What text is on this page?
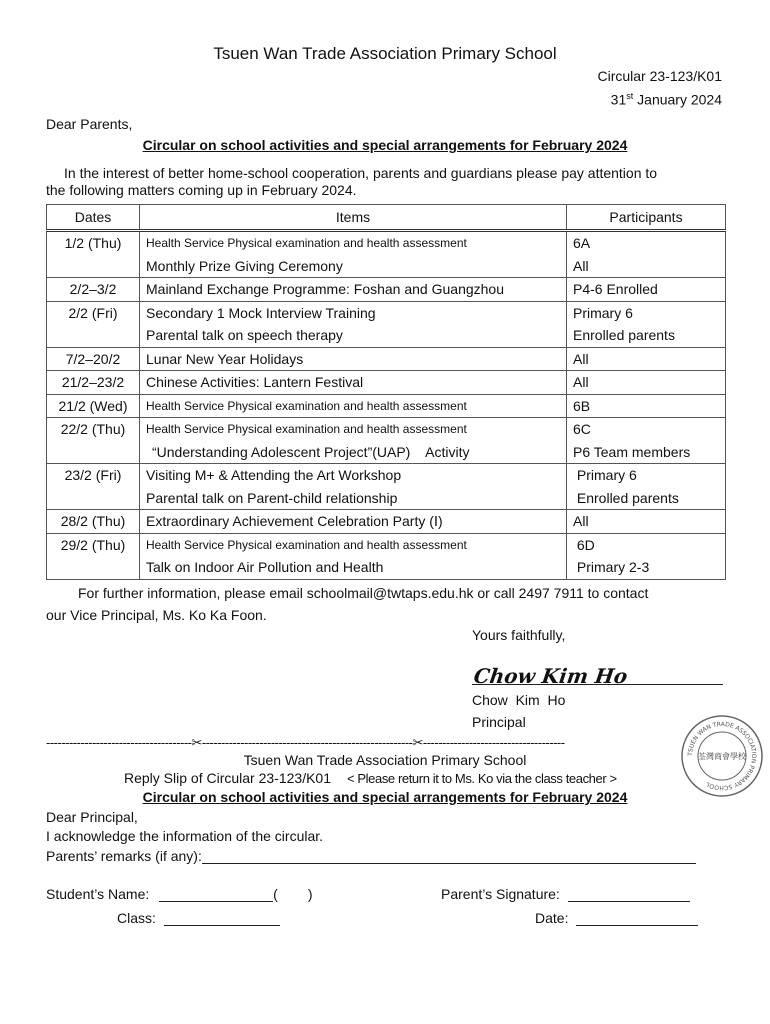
Tsuen Wan Trade Association Primary School
Circular 23-123/K01
31st January 2024
Dear Parents,
Circular on school activities and special arrangements for February 2024
In the interest of better home-school cooperation, parents and guardians please pay attention to
the following matters coming up in February 2024.
Dates	Items	Participants
1/2 (Thu)	Health Service Physical examination and health assessment	6A
	Monthly Prize Giving Ceremony	All
2/2–3/2	Mainland Exchange Programme: Foshan and Guangzhou	P4-6 Enrolled
2/2 (Fri)	Secondary 1 Mock Interview Training	Primary 6
	Parental talk on speech therapy	Enrolled parents
7/2–20/2	Lunar New Year Holidays	All
21/2–23/2	Chinese Activities: Lantern Festival	All
21/2 (Wed)	Health Service Physical examination and health assessment	6B
22/2 (Thu)	Health Service Physical examination and health assessment	6C
	“Understanding Adolescent Project”(UAP)    Activity	P6 Team members
23/2 (Fri)	Visiting M+ & Attending the Art Workshop	Primary 6
	Parental talk on Parent-child relationship	Enrolled parents
28/2 (Thu)	Extraordinary Achievement Celebration Party (Ⅰ)	All
29/2 (Thu)	Health Service Physical examination and health assessment	6D
	Talk on Indoor Air Pollution and Health	Primary 2-3
For further information, please email schoolmail@twtaps.edu.hk or call 2497 7911 to contact
our Vice Principal, Ms. Ko Ka Foon.
Yours faithfully,
Chow Kim Ho
Chow  Kim  Ho
Principal
--------------------------------------✂-------------------------------------------------------✂-------------------------------------
TSUEN WAN TRADE ASSOCIATION PRIMARY SCHOOL
荃灣商會學校
Tsuen Wan Trade Association Primary School
Reply Slip of Circular 23-123/K01 < Please return it to Ms. Ko via the class teacher >
Circular on school activities and special arrangements for February 2024
Dear Principal,
I acknowledge the information of the circular.
Parents’ remarks (if any):
Student’s Name:	( )	Parent’s Signature:
Class:	Date:
